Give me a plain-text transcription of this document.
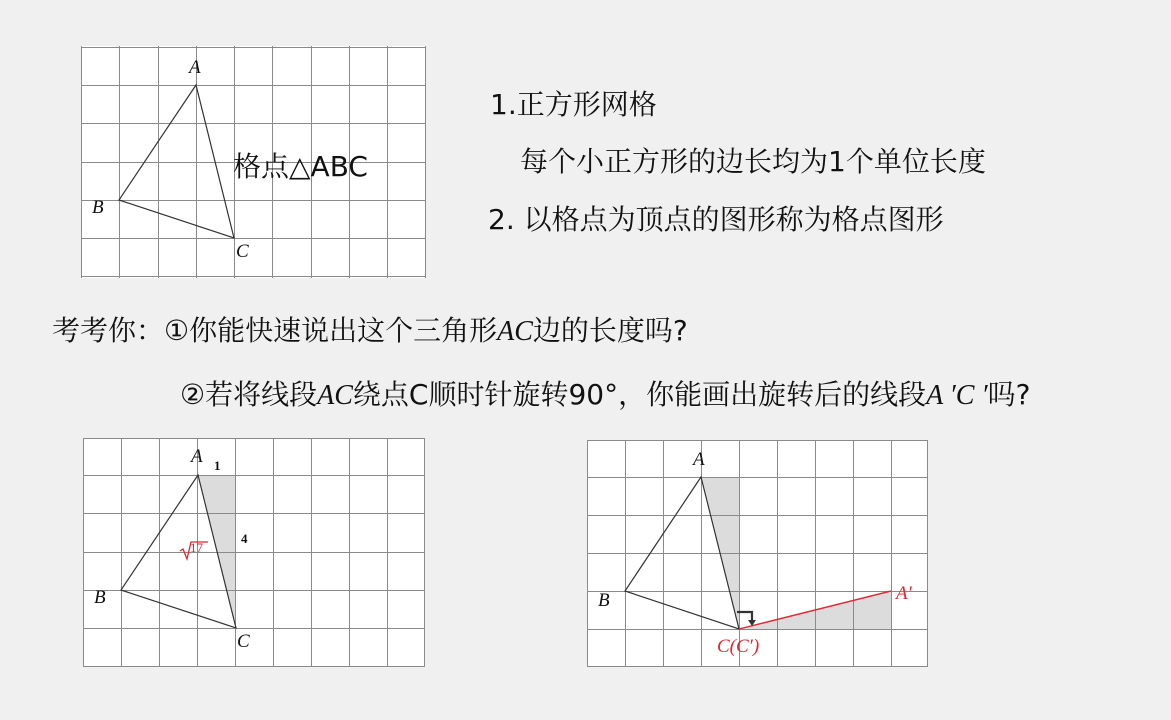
A
B
C
格点△ABC
1.正方形网格
每个小正方形的边长均为1个单位长度
2. 以格点为顶点的图形称为格点图形
考考你：①你能快速说出这个三角形AC边的长度吗?
②若将线段AC绕点C顺时针旋转90°，你能画出旋转后的线段A ′C ′吗?
A
B
C
1
4
17
A
B
C(C′)
A′
